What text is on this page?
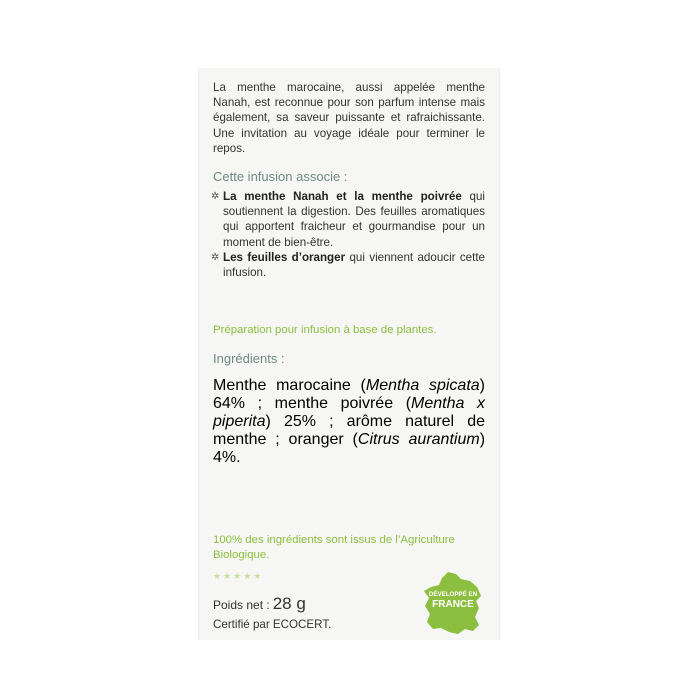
La menthe marocaine, aussi appelée menthe Nanah, est reconnue pour son parfum intense mais également, sa saveur puissante et rafraichissante. Une invitation au voyage idéale pour terminer le repos.

Cette infusion associe :

✲ La menthe Nanah et la menthe poivrée qui soutiennent la digestion. Des feuilles aromatiques qui apportent fraicheur et gourmandise pour un moment de bien-être.

✲ Les feuilles d’oranger qui viennent adoucir cette infusion.

Préparation pour infusion à base de plantes.

Ingrédients :

Menthe marocaine (Mentha spicata) 64% ; menthe poivrée (Mentha x piperita) 25% ; arôme naturel de menthe ; oranger (Citrus aurantium) 4%.

100% des ingrédients sont issus de l’Agriculture Biologique.

★★★★★
Poids net : 28 g
Certifié par ECOCERT.
DÉVELOPPÉ EN
FRANCE
